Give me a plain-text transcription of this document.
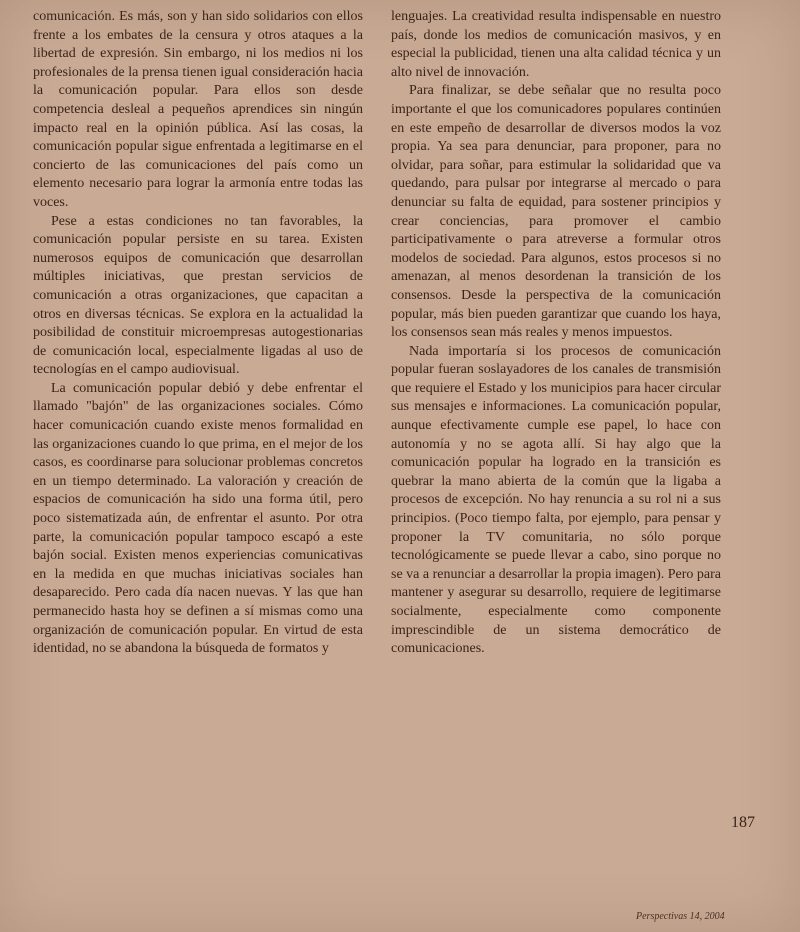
comunicación. Es más, son y han sido solidarios con ellos frente a los embates de la censura y otros ataques a la libertad de expresión. Sin embargo, ni los medios ni los profesionales de la prensa tienen igual consideración hacia la comunicación popular. Para ellos son desde competencia desleal a pequeños aprendices sin ningún impacto real en la opinión pública. Así las cosas, la comunicación popular sigue enfrentada a legitimarse en el concierto de las comunicaciones del país como un elemento necesario para lograr la armonía entre todas las voces.

Pese a estas condiciones no tan favorables, la comunicación popular persiste en su tarea. Existen numerosos equipos de comunicación que desarrollan múltiples iniciativas, que prestan servicios de comunicación a otras organizaciones, que capacitan a otros en diversas técnicas. Se explora en la actualidad la posibilidad de constituir microempresas autogestionarias de comunicación local, especialmente ligadas al uso de tecnologías en el campo audiovisual.

La comunicación popular debió y debe enfrentar el llamado "bajón" de las organizaciones sociales. Cómo hacer comunicación cuando existe menos formalidad en las organizaciones cuando lo que prima, en el mejor de los casos, es coordinarse para solucionar problemas concretos en un tiempo determinado. La valoración y creación de espacios de comunicación ha sido una forma útil, pero poco sistematizada aún, de enfrentar el asunto. Por otra parte, la comunicación popular tampoco escapó a este bajón social. Existen menos experiencias comunicativas en la medida en que muchas iniciativas sociales han desaparecido. Pero cada día nacen nuevas. Y las que han permanecido hasta hoy se definen a sí mismas como una organización de comunicación popular. En virtud de esta identidad, no se abandona la búsqueda de formatos y

lenguajes. La creatividad resulta indispensable en nuestro país, donde los medios de comunicación masivos, y en especial la publicidad, tienen una alta calidad técnica y un alto nivel de innovación.

Para finalizar, se debe señalar que no resulta poco importante el que los comunicadores populares continúen en este empeño de desarrollar de diversos modos la voz propia. Ya sea para denunciar, para proponer, para no olvidar, para soñar, para estimular la solidaridad que va quedando, para pulsar por integrarse al mercado o para denunciar su falta de equidad, para sostener principios y crear conciencias, para promover el cambio participativamente o para atreverse a formular otros modelos de sociedad. Para algunos, estos procesos si no amenazan, al menos desordenan la transición de los consensos. Desde la perspectiva de la comunicación popular, más bien pueden garantizar que cuando los haya, los consensos sean más reales y menos impuestos.

Nada importaría si los procesos de comunicación popular fueran soslayadores de los canales de transmisión que requiere el Estado y los municipios para hacer circular sus mensajes e informaciones. La comunicación popular, aunque efectivamente cumple ese papel, lo hace con autonomía y no se agota allí. Si hay algo que la comunicación popular ha logrado en la transición es quebrar la mano abierta de la común que la ligaba a procesos de excepción. No hay renuncia a su rol ni a sus principios. (Poco tiempo falta, por ejemplo, para pensar y proponer la TV comunitaria, no sólo porque tecnológicamente se puede llevar a cabo, sino porque no se va a renunciar a desarrollar la propia imagen). Pero para mantener y asegurar su desarrollo, requiere de legitimarse socialmente, especialmente como componente imprescindible de un sistema democrático de comunicaciones.

187
Perspectivas 14, 2004
